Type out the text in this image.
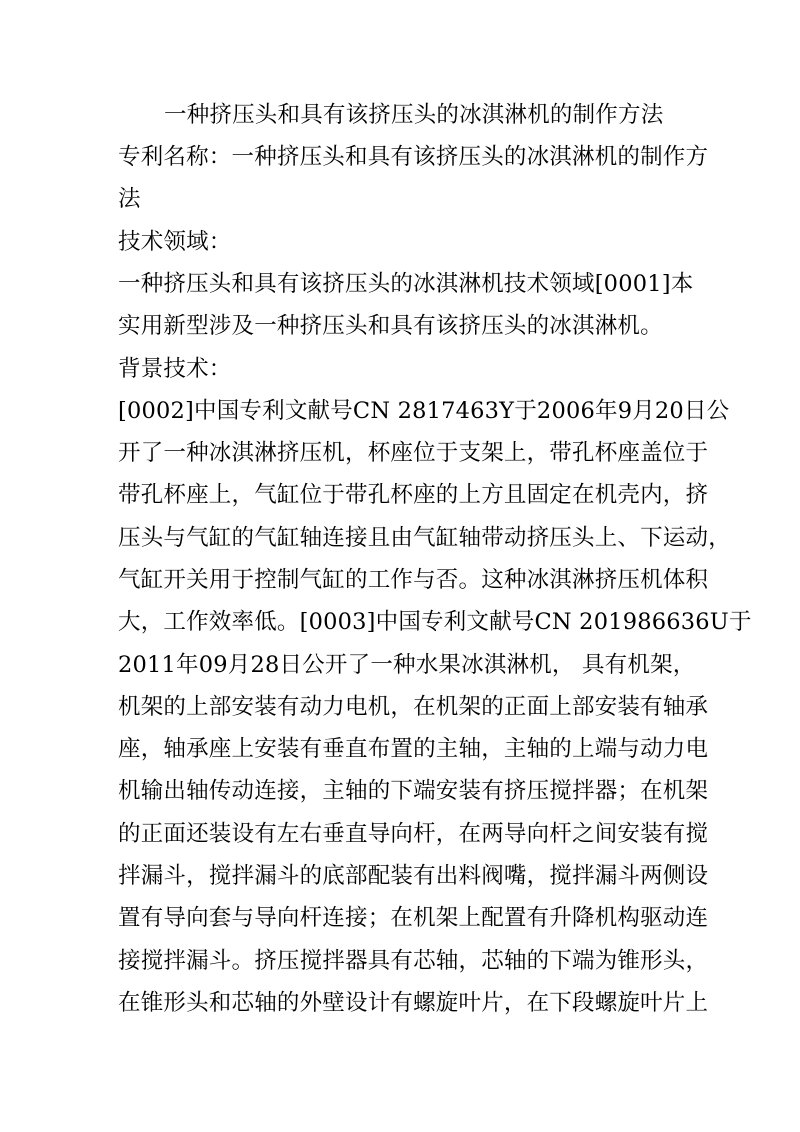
一种挤压头和具有该挤压头的冰淇淋机的制作方法
专利名称：一种挤压头和具有该挤压头的冰淇淋机的制作方
法
技术领域：
一种挤压头和具有该挤压头的冰淇淋机技术领域[0001]本
实用新型涉及一种挤压头和具有该挤压头的冰淇淋机。
背景技术：
[0002]中国专利文献号CN 2817463Y于2006年9月20日公
开了一种冰淇淋挤压机，杯座位于支架上，带孔杯座盖位于
带孔杯座上，气缸位于带孔杯座的上方且固定在机壳内，挤
压头与气缸的气缸轴连接且由气缸轴带动挤压头上、下运动，
气缸开关用于控制气缸的工作与否。这种冰淇淋挤压机体积
大，工作效率低。[0003]中国专利文献号CN 201986636U于
2011年09月28日公开了一种水果冰淇淋机， 具有机架，
机架的上部安装有动力电机，在机架的正面上部安装有轴承
座，轴承座上安装有垂直布置的主轴，主轴的上端与动力电
机输出轴传动连接，主轴的下端安装有挤压搅拌器；在机架
的正面还装设有左右垂直导向杆，在两导向杆之间安装有搅
拌漏斗，搅拌漏斗的底部配装有出料阀嘴，搅拌漏斗两侧设
置有导向套与导向杆连接；在机架上配置有升降机构驱动连
接搅拌漏斗。挤压搅拌器具有芯轴，芯轴的下端为锥形头，
在锥形头和芯轴的外壁设计有螺旋叶片，在下段螺旋叶片上
